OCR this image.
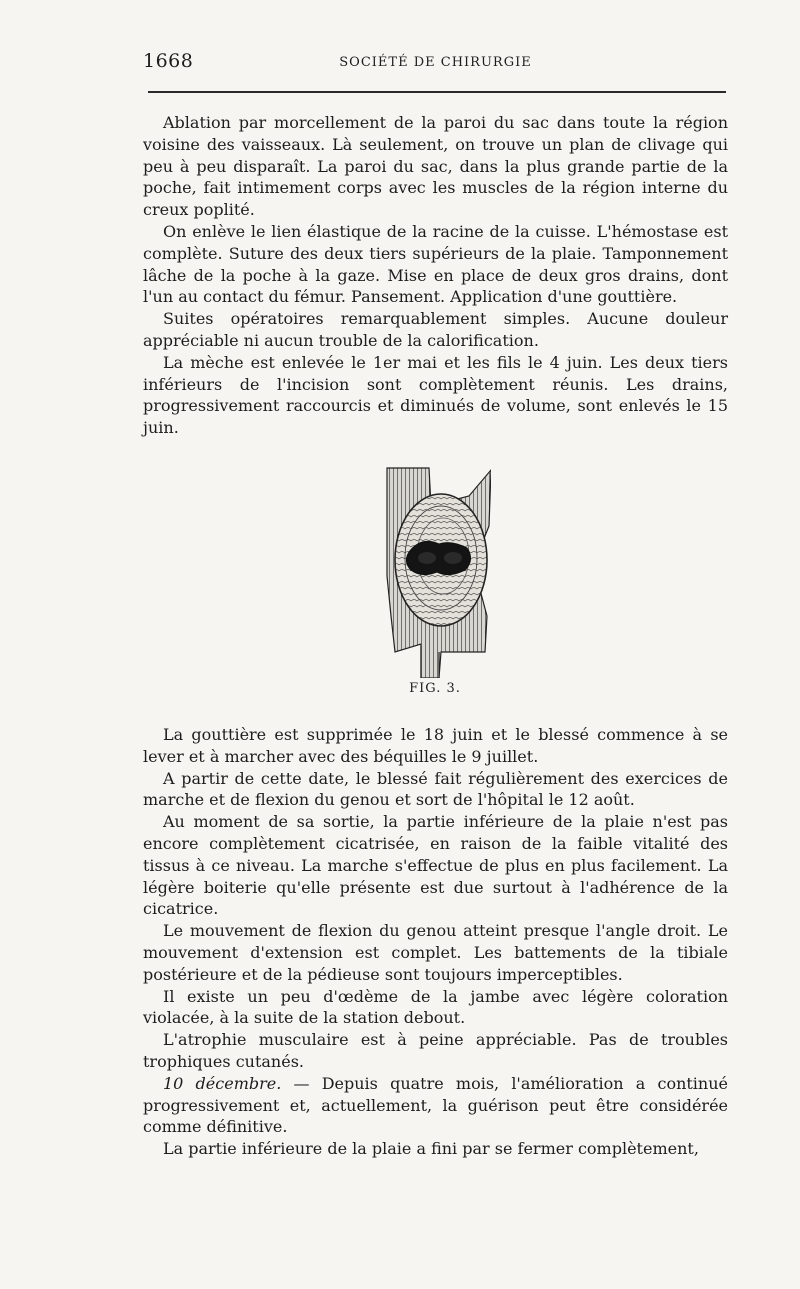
1668	SOCIÉTÉ DE CHIRURGIE

Ablation par morcellement de la paroi du sac dans toute la région voisine des vaisseaux. Là seulement, on trouve un plan de clivage qui peu à peu disparaît. La paroi du sac, dans la plus grande partie de la poche, fait intimement corps avec les muscles de la région interne du creux poplité.

On enlève le lien élastique de la racine de la cuisse. L'hémostase est complète. Suture des deux tiers supérieurs de la plaie. Tamponnement lâche de la poche à la gaze. Mise en place de deux gros drains, dont l'un au contact du fémur. Pansement. Application d'une gouttière.

Suites opératoires remarquablement simples. Aucune douleur appréciable ni aucun trouble de la calorification.

La mèche est enlevée le 1er mai et les fils le 4 juin. Les deux tiers inférieurs de l'incision sont complètement réunis. Les drains, progressivement raccourcis et diminués de volume, sont enlevés le 15 juin.

FIG. 3.

La gouttière est supprimée le 18 juin et le blessé commence à se lever et à marcher avec des béquilles le 9 juillet.

A partir de cette date, le blessé fait régulièrement des exercices de marche et de flexion du genou et sort de l'hôpital le 12 août.

Au moment de sa sortie, la partie inférieure de la plaie n'est pas encore complètement cicatrisée, en raison de la faible vitalité des tissus à ce niveau. La marche s'effectue de plus en plus facilement. La légère boiterie qu'elle présente est due surtout à l'adhérence de la cicatrice.

Le mouvement de flexion du genou atteint presque l'angle droit. Le mouvement d'extension est complet. Les battements de la tibiale postérieure et de la pédieuse sont toujours imperceptibles.

Il existe un peu d'œdème de la jambe avec légère coloration violacée, à la suite de la station debout.

L'atrophie musculaire est à peine appréciable. Pas de troubles trophiques cutanés.

10 décembre. — Depuis quatre mois, l'amélioration a continué progressivement et, actuellement, la guérison peut être considérée comme définitive.

La partie inférieure de la plaie a fini par se fermer complètement,
